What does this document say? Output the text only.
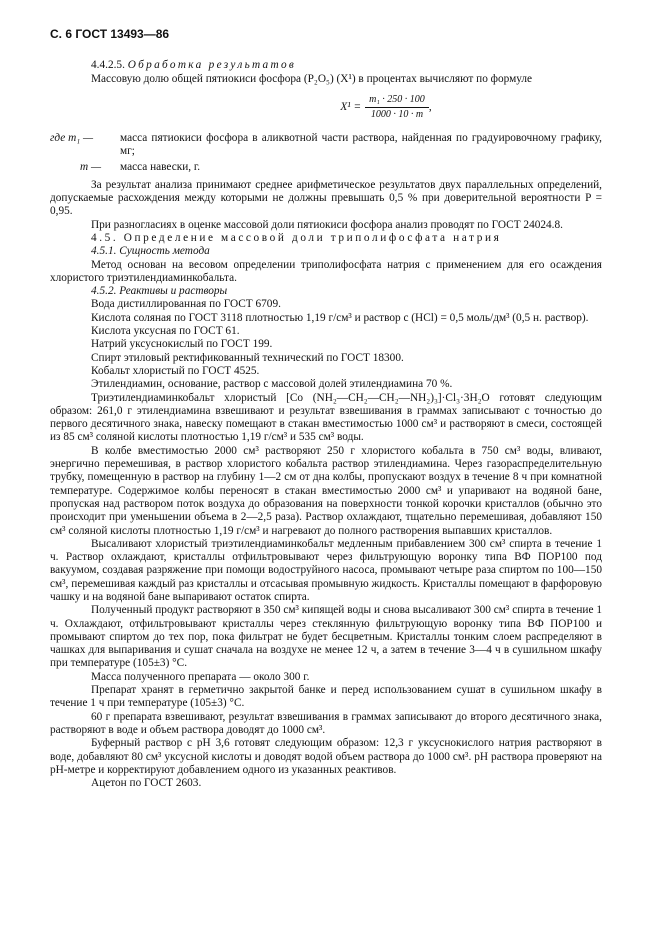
С. 6 ГОСТ 13493—86

4.4.2.5. Обработка результатов

Массовую долю общей пятиокиси фосфора (P₂O₅) (X¹) в процентах вычисляют по формуле

$X^1 = \frac{\text{m₁ · 250 · 100}}{1000 \cdot 10 \cdot m}$ ,
где m₁ —	масса пятиокиси фосфора в аликвотной части раствора, найденная по градуировочному графику, мг;
m —	масса навески, г.

За результат анализа принимают среднее арифметическое результатов двух параллельных определений, допускаемые расхождения между которыми не должны превышать 0,5 % при доверительной вероятности P = 0,95.

При разногласиях в оценке массовой доли пятиокиси фосфора анализ проводят по ГОСТ 24024.8.

4.5. Определение массовой доли триполифосфата натрия

4.5.1. Сущность метода

Метод основан на весовом определении триполифосфата натрия с применением для его осаждения хлористого триэтилендиаминкобальта.

4.5.2. Реактивы и растворы

Вода дистиллированная по ГОСТ 6709.

Кислота соляная по ГОСТ 3118 плотностью 1,19 г/см³ и раствор c (HCl) = 0,5 моль/дм³ (0,5 н. раствор).

Кислота уксусная по ГОСТ 61.

Натрий уксуснокислый по ГОСТ 199.

Спирт этиловый ректификованный технический по ГОСТ 18300.

Кобальт хлористый по ГОСТ 4525.

Этилендиамин, основание, раствор с массовой долей этилендиамина 70 %.

Триэтилендиаминкобальт хлористый [Co (NH₂—CH₂—CH₂—NH₂)₃]·Cl₃·3H₂O готовят следующим образом: 261,0 г этилендиамина взвешивают и результат взвешивания в граммах записывают с точностью до первого десятичного знака, навеску помещают в стакан вместимостью 1000 см³ и растворяют в смеси, состоящей из 85 см³ соляной кислоты плотностью 1,19 г/см³ и 535 см³ воды.

В колбе вместимостью 2000 см³ растворяют 250 г хлористого кобальта в 750 см³ воды, вливают, энергично перемешивая, в раствор хлористого кобальта раствор этилендиамина. Через газораспределительную трубку, помещенную в раствор на глубину 1—2 см от дна колбы, пропускают воздух в течение 8 ч при комнатной температуре. Содержимое колбы переносят в стакан вместимостью 2000 см³ и упаривают на водяной бане, пропуская над раствором поток воздуха до образования на поверхности тонкой корочки кристаллов (обычно это происходит при уменьшении объема в 2—2,5 раза). Раствор охлаждают, тщательно перемешивая, добавляют 150 см³ соляной кислоты плотностью 1,19 г/см³ и нагревают до полного растворения выпавших кристаллов.

Высаливают хлористый триэтилендиаминкобальт медленным прибавлением 300 см³ спирта в течение 1 ч. Раствор охлаждают, кристаллы отфильтровывают через фильтрующую воронку типа ВФ ПОР100 под вакуумом, создавая разряжение при помощи водоструйного насоса, промывают четыре раза спиртом по 100—150 см³, перемешивая каждый раз кристаллы и отсасывая промывную жидкость. Кристаллы помещают в фарфоровую чашку и на водяной бане выпаривают остаток спирта.

Полученный продукт растворяют в 350 см³ кипящей воды и снова высаливают 300 см³ спирта в течение 1 ч. Охлаждают, отфильтровывают кристаллы через стеклянную фильтрующую воронку типа ВФ ПОР100 и промывают спиртом до тех пор, пока фильтрат не будет бесцветным. Кристаллы тонким слоем распределяют в чашках для выпаривания и сушат сначала на воздухе не менее 12 ч, а затем в течение 3—4 ч в сушильном шкафу при температуре (105±3) °С.

Масса полученного препарата — около 300 г.

Препарат хранят в герметично закрытой банке и перед использованием сушат в сушильном шкафу в течение 1 ч при температуре (105±3) °С.

60 г препарата взвешивают, результат взвешивания в граммах записывают до второго десятичного знака, растворяют в воде и объем раствора доводят до 1000 см³.

Буферный раствор с pH 3,6 готовят следующим образом: 12,3 г уксуснокислого натрия растворяют в воде, добавляют 80 см³ уксусной кислоты и доводят водой объем раствора до 1000 см³. pH раствора проверяют на pH-метре и корректируют добавлением одного из указанных реактивов.

Ацетон по ГОСТ 2603.
